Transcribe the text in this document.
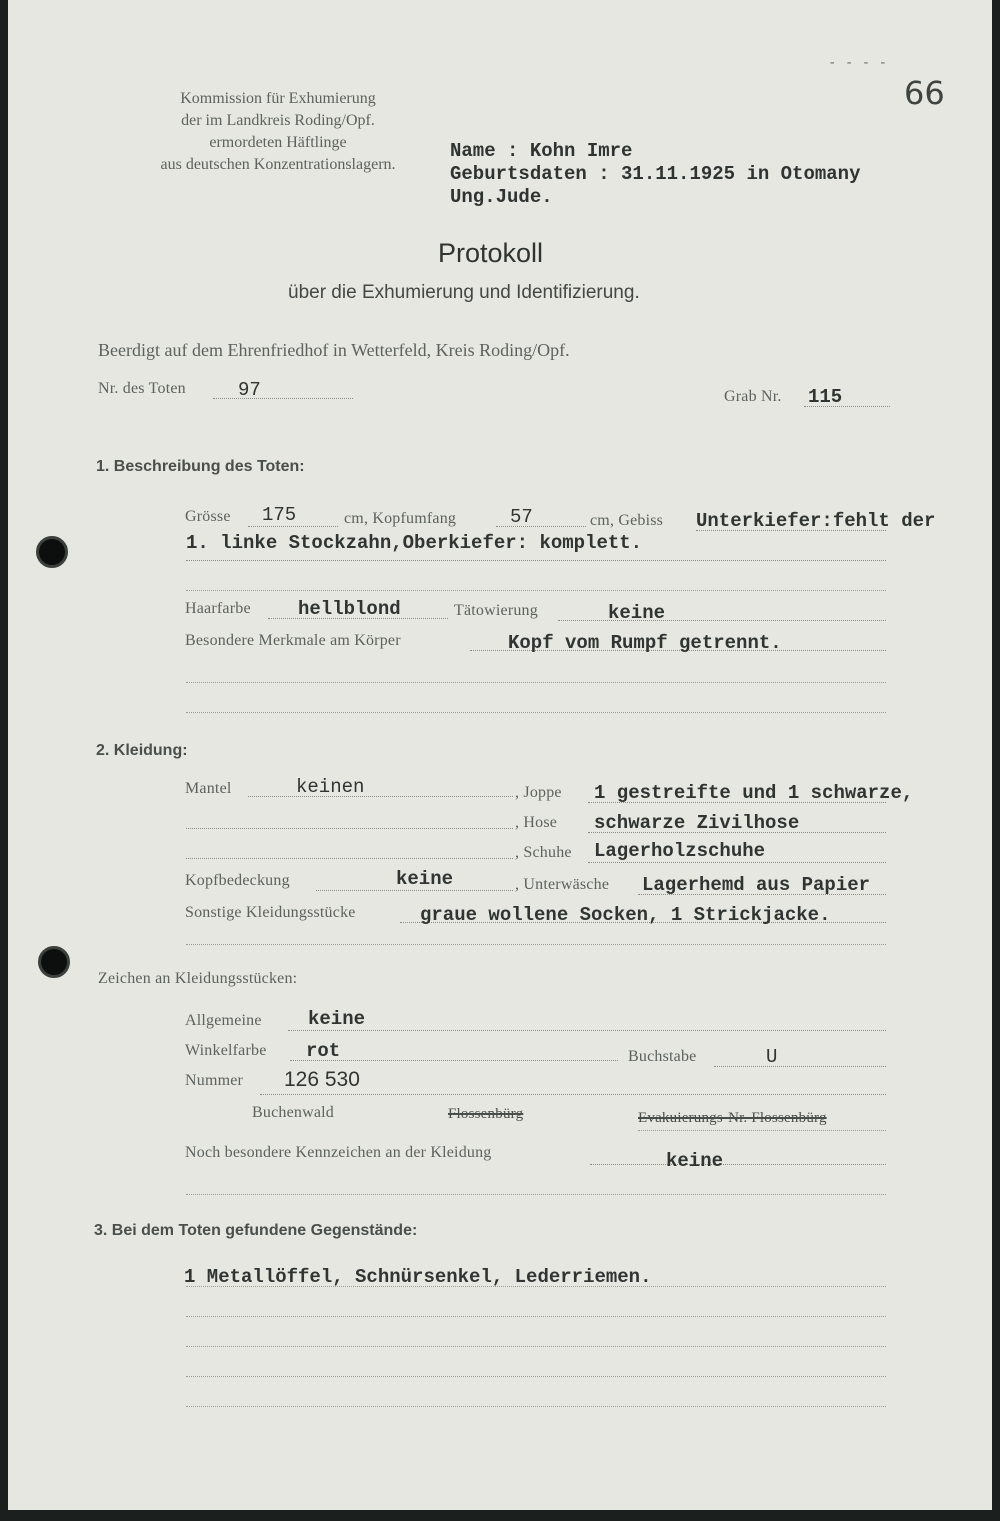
66
- - - -
Kommission für Exhumierung
der im Landkreis Roding/Opf.
ermordeten Häftlinge
aus deutschen Konzentrationslagern.
Name : Kohn Imre
Geburtsdaten : 31.11.1925 in Otomany
Ung.Jude.
Protokoll
über die Exhumierung und Identifizierung.
Beerdigt auf dem Ehrenfriedhof in Wetterfeld, Kreis Roding/Opf.
Nr. des Toten	97	Grab Nr. 115
1. Beschreibung des Toten:
Grösse 175	cm, Kopfumfang	57	cm, Gebiss Unterkiefer:fehlt der
1. linke Stockzahn,Oberkiefer: komplett.
Haarfarbe hellblond	Tätowierung	keine
Besondere Merkmale am Körper	Kopf vom Rumpf getrennt.
2. Kleidung:
Mantel	keinen	, Joppe 1 gestreifte und 1 schwarze,
, Hose schwarze Zivilhose
, Schuhe Lagerholzschuhe
Kopfbedeckung	keine	, Unterwäsche Lagerhemd aus Papier
Sonstige Kleidungsstücke	graue wollene Socken, 1 Strickjacke.
Zeichen an Kleidungsstücken:
Allgemeine keine
Winkelfarbe rot	Buchstabe	U
Nummer 126 530
Buchenwald	Flossenbürg	Evakuierungs-Nr. Flossenbürg
Noch besondere Kennzeichen an der Kleidung	keine
3. Bei dem Toten gefundene Gegenstände:
1 Metallöffel, Schnürsenkel, Lederriemen.
